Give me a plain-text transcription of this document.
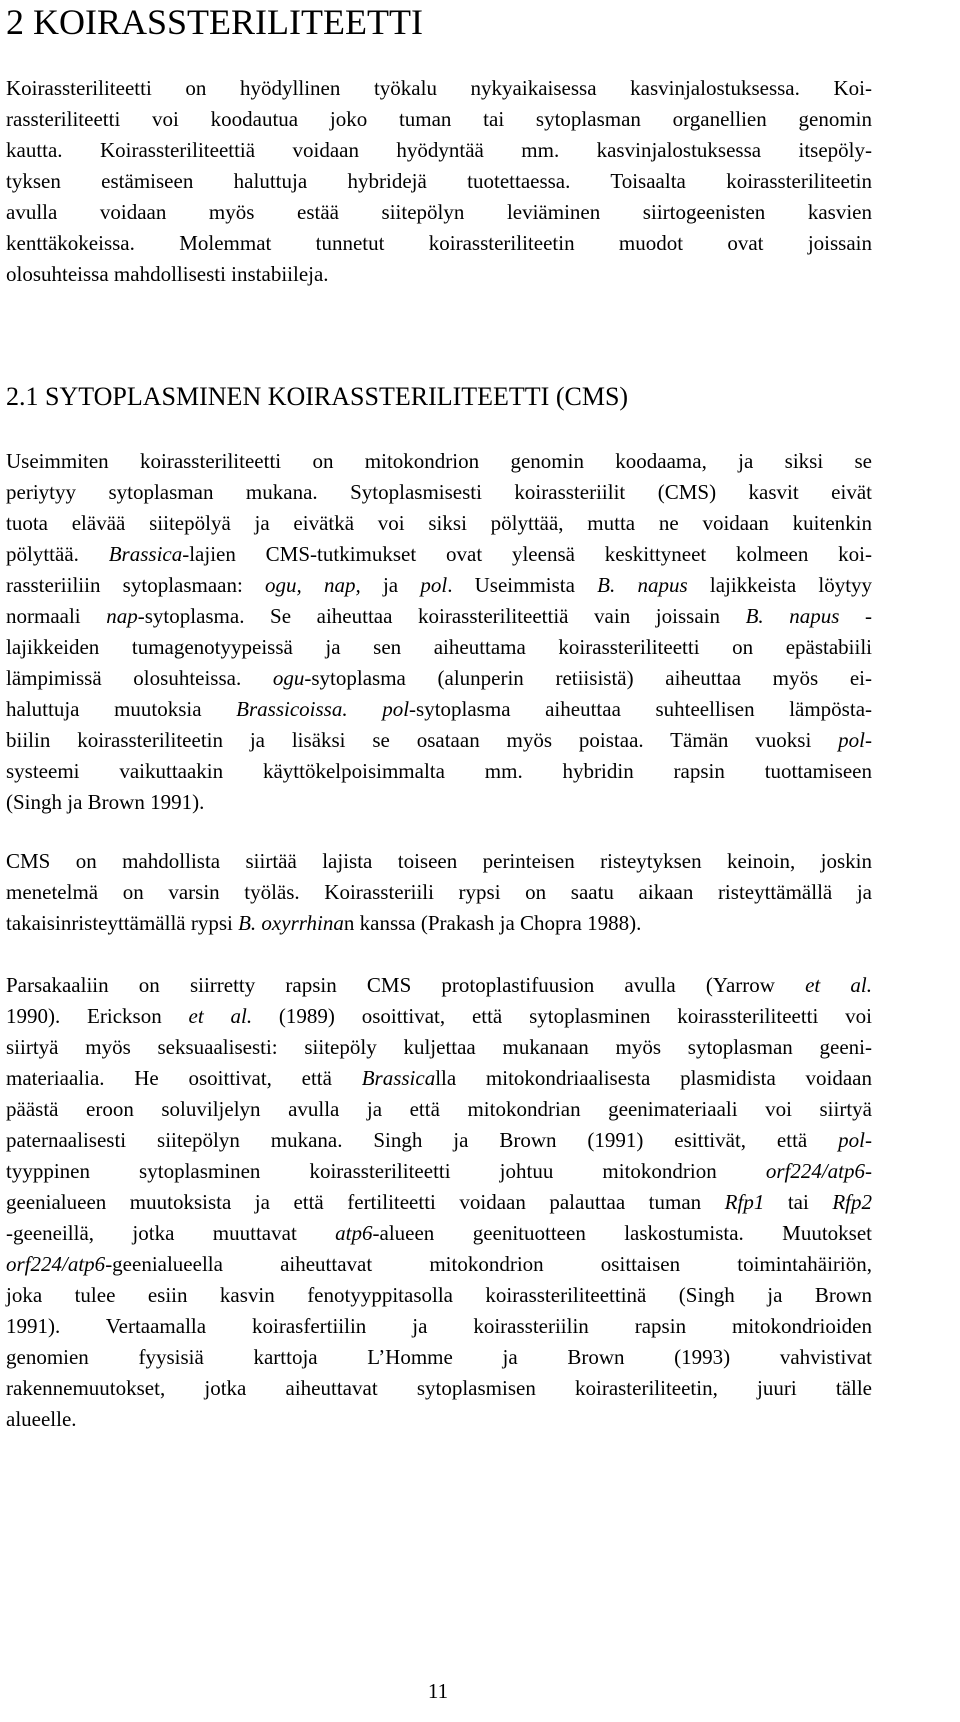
2 KOIRASSTERILITEETTI
Koirassteriliteetti on hyödyllinen työkalu nykyaikaisessa kasvinjalostuksessa. Koi-
rassteriliteetti voi koodautua joko tuman tai sytoplasman organellien genomin
kautta. Koirassteriliteettiä voidaan hyödyntää mm. kasvinjalostuksessa itsepöly-
tyksen estämiseen haluttuja hybridejä tuotettaessa. Toisaalta koirassteriliteetin
avulla voidaan myös estää siitepölyn leviäminen siirtogeenisten kasvien
kenttäkokeissa. Molemmat tunnetut koirassteriliteetin muodot ovat joissain
olosuhteissa mahdollisesti instabiileja.
2.1 SYTOPLASMINEN KOIRASSTERILITEETTI (CMS)
Useimmiten koirassteriliteetti on mitokondrion genomin koodaama, ja siksi se
periytyy sytoplasman mukana. Sytoplasmisesti koirassteriilit (CMS) kasvit eivät
tuota elävää siitepölyä ja eivätkä voi siksi pölyttää, mutta ne voidaan kuitenkin
pölyttää. Brassica-lajien CMS-tutkimukset ovat yleensä keskittyneet kolmeen koi-
rassteriiliin sytoplasmaan: ogu, nap, ja pol. Useimmista B. napus lajikkeista löytyy
normaali nap-sytoplasma. Se aiheuttaa koirassteriliteettiä vain joissain B. napus -
lajikkeiden tumagenotyypeissä ja sen aiheuttama koirassteriliteetti on epästabiili
lämpimissä olosuhteissa. ogu-sytoplasma (alunperin retiisistä) aiheuttaa myös ei-
haluttuja muutoksia Brassicoissa. pol-sytoplasma aiheuttaa suhteellisen lämpösta-
biilin koirassteriliteetin ja lisäksi se osataan myös poistaa. Tämän vuoksi pol-
systeemi vaikuttaakin käyttökelpoisimmalta mm. hybridin rapsin tuottamiseen
(Singh ja Brown 1991).
CMS on mahdollista siirtää lajista toiseen perinteisen risteytyksen keinoin, joskin
menetelmä on varsin työläs. Koirassteriili rypsi on saatu aikaan risteyttämällä ja
takaisinristeyttämällä rypsi B. oxyrrhinan kanssa (Prakash ja Chopra 1988).
Parsakaaliin on siirretty rapsin CMS protoplastifuusion avulla (Yarrow et al.
1990). Erickson et al. (1989) osoittivat, että sytoplasminen koirassteriliteetti voi
siirtyä myös seksuaalisesti: siitepöly kuljettaa mukanaan myös sytoplasman geeni-
materiaalia. He osoittivat, että Brassicalla mitokondriaalisesta plasmidista voidaan
päästä eroon soluviljelyn avulla ja että mitokondrian geenimateriaali voi siirtyä
paternaalisesti siitepölyn mukana. Singh ja Brown (1991) esittivät, että pol-
tyyppinen sytoplasminen koirassteriliteetti johtuu mitokondrion orf224/atp6-
geenialueen muutoksista ja että fertiliteetti voidaan palauttaa tuman Rfp1 tai Rfp2
-geeneillä, jotka muuttavat atp6-alueen geenituotteen laskostumista. Muutokset
orf224/atp6-geenialueella aiheuttavat mitokondrion osittaisen toimintahäiriön,
joka tulee esiin kasvin fenotyyppitasolla koirassteriliteettinä (Singh ja Brown
1991). Vertaamalla koirasfertiilin ja koirassteriilin rapsin mitokondrioiden
genomien fyysisiä karttoja L’Homme ja Brown (1993) vahvistivat
rakennemuutokset, jotka aiheuttavat sytoplasmisen koirasteriliteetin, juuri tälle
alueelle.
11
